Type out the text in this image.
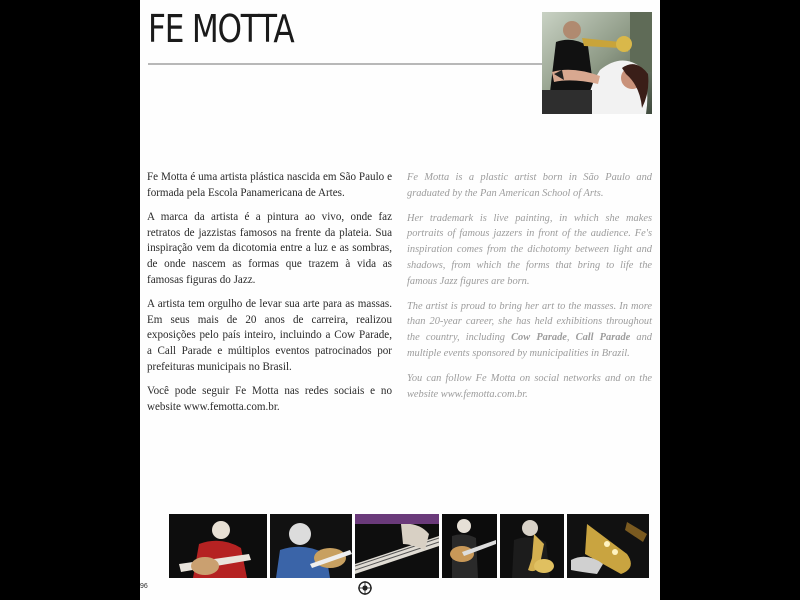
FE MOTTA

Fe Motta é uma artista plástica nascida em São Paulo e formada pela Escola Panamericana de Artes.

A marca da artista é a pintura ao vivo, onde faz retratos de jazzistas famosos na frente da plateia. Sua inspiração vem da dicotomia entre a luz e as sombras, de onde nascem as formas que trazem à vida as famosas figuras do Jazz.

A artista tem orgulho de levar sua arte para as massas. Em seus mais de 20 anos de carreira, realizou exposições pelo país inteiro, incluindo a Cow Parade, a Call Parade e múltiplos eventos patrocinados por prefeituras municipais no Brasil.

Você pode seguir Fe Motta nas redes sociais e no website www.femotta.com.br.

Fe Motta is a plastic artist born in São Paulo and graduated by the Pan American School of Arts.

Her trademark is live painting, in which she makes portraits of famous jazzers in front of the audience. Fe's inspiration comes from the dichotomy between light and shadows, from which the forms that bring to life the famous Jazz figures are born.

The artist is proud to bring her art to the masses. In more than 20-year career, she has held exhibitions throughout the country, including Cow Parade, Call Parade and multiple events sponsored by municipalities in Brazil.

You can follow Fe Motta on social networks and on the website www.femotta.com.br.

96
